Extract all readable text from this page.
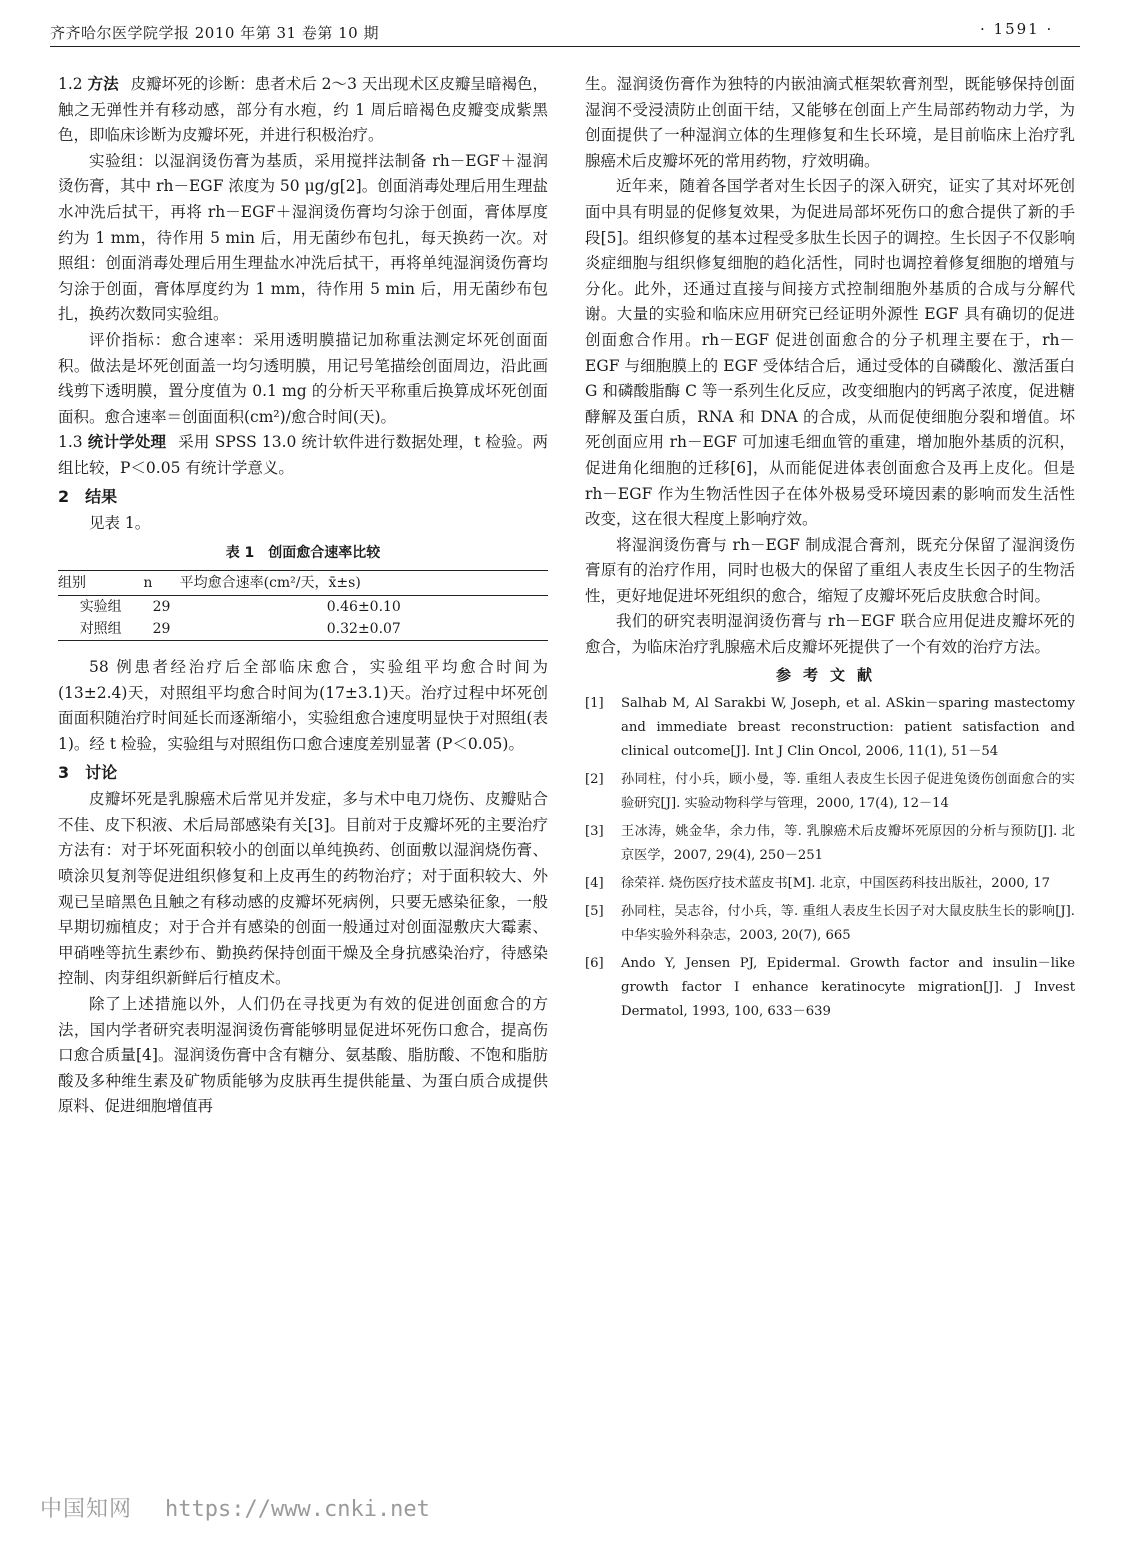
齐齐哈尔医学院学报 2010 年第 31 卷第 10 期	· 1591 ·

1.2 方法 皮瓣坏死的诊断：患者术后 2～3 天出现术区皮瓣呈暗褐色，触之无弹性并有移动感，部分有水疱，约 1 周后暗褐色皮瓣变成紫黑色，即临床诊断为皮瓣坏死，并进行积极治疗。

实验组：以湿润烫伤膏为基质，采用搅拌法制备 rh－EGF＋湿润烫伤膏，其中 rh－EGF 浓度为 50 μg/g[2]。创面消毒处理后用生理盐水冲洗后拭干，再将 rh－EGF＋湿润烫伤膏均匀涂于创面，膏体厚度约为 1 mm，待作用 5 min 后，用无菌纱布包扎，每天换药一次。对照组：创面消毒处理后用生理盐水冲洗后拭干，再将单纯湿润烫伤膏均匀涂于创面，膏体厚度约为 1 mm，待作用 5 min 后，用无菌纱布包扎，换药次数同实验组。

评价指标：愈合速率：采用透明膜描记加称重法测定坏死创面面积。做法是坏死创面盖一均匀透明膜，用记号笔描绘创面周边，沿此画线剪下透明膜，置分度值为 0.1 mg 的分析天平称重后换算成坏死创面面积。愈合速率＝创面面积(cm²)/愈合时间(天)。

1.3 统计学处理 采用 SPSS 13.0 统计软件进行数据处理，t 检验。两组比较，P＜0.05 有统计学意义。

2　结果

见表 1。

表 1　创面愈合速率比较

组别	n	平均愈合速率(cm²/天，x̄±s)
实验组	29	0.46±0.10
对照组	29	0.32±0.07

58 例患者经治疗后全部临床愈合，实验组平均愈合时间为(13±2.4)天，对照组平均愈合时间为(17±3.1)天。治疗过程中坏死创面面积随治疗时间延长而逐渐缩小，实验组愈合速度明显快于对照组(表 1)。经 t 检验，实验组与对照组伤口愈合速度差别显著 (P＜0.05)。

3　讨论

皮瓣坏死是乳腺癌术后常见并发症，多与术中电刀烧伤、皮瓣贴合不佳、皮下积液、术后局部感染有关[3]。目前对于皮瓣坏死的主要治疗方法有：对于坏死面积较小的创面以单纯换药、创面敷以湿润烧伤膏、喷涂贝复剂等促进组织修复和上皮再生的药物治疗；对于面积较大、外观已呈暗黑色且触之有移动感的皮瓣坏死病例，只要无感染征象，一般早期切痂植皮；对于合并有感染的创面一般通过对创面湿敷庆大霉素、甲硝唑等抗生素纱布、勤换药保持创面干燥及全身抗感染治疗，待感染控制、肉芽组织新鲜后行植皮术。

除了上述措施以外，人们仍在寻找更为有效的促进创面愈合的方法，国内学者研究表明湿润烫伤膏能够明显促进坏死伤口愈合，提高伤口愈合质量[4]。湿润烫伤膏中含有糖分、氨基酸、脂肪酸、不饱和脂肪酸及多种维生素及矿物质能够为皮肤再生提供能量、为蛋白质合成提供原料、促进细胞增值再

生。湿润烫伤膏作为独特的内嵌油滴式框架软膏剂型，既能够保持创面湿润不受浸渍防止创面干结，又能够在创面上产生局部药物动力学，为创面提供了一种湿润立体的生理修复和生长环境，是目前临床上治疗乳腺癌术后皮瓣坏死的常用药物，疗效明确。

近年来，随着各国学者对生长因子的深入研究，证实了其对坏死创面中具有明显的促修复效果，为促进局部坏死伤口的愈合提供了新的手段[5]。组织修复的基本过程受多肽生长因子的调控。生长因子不仅影响炎症细胞与组织修复细胞的趋化活性，同时也调控着修复细胞的增殖与分化。此外，还通过直接与间接方式控制细胞外基质的合成与分解代谢。大量的实验和临床应用研究已经证明外源性 EGF 具有确切的促进创面愈合作用。rh－EGF 促进创面愈合的分子机理主要在于，rh－EGF 与细胞膜上的 EGF 受体结合后，通过受体的自磷酸化、激活蛋白 G 和磷酸脂酶 C 等一系列生化反应，改变细胞内的钙离子浓度，促进糖酵解及蛋白质，RNA 和 DNA 的合成，从而促使细胞分裂和增值。坏死创面应用 rh－EGF 可加速毛细血管的重建，增加胞外基质的沉积，促进角化细胞的迁移[6]，从而能促进体表创面愈合及再上皮化。但是 rh－EGF 作为生物活性因子在体外极易受环境因素的影响而发生活性改变，这在很大程度上影响疗效。

将湿润烫伤膏与 rh－EGF 制成混合膏剂，既充分保留了湿润烫伤膏原有的治疗作用，同时也极大的保留了重组人表皮生长因子的生物活性，更好地促进坏死组织的愈合，缩短了皮瓣坏死后皮肤愈合时间。

我们的研究表明湿润烫伤膏与 rh－EGF 联合应用促进皮瓣坏死的愈合，为临床治疗乳腺癌术后皮瓣坏死提供了一个有效的治疗方法。

参考文献

[1]	Salhab M, Al Sarakbi W, Joseph, et al. ASkin－sparing mastectomy and immediate breast reconstruction: patient satisfaction and clinical outcome[J]. Int J Clin Oncol, 2006, 11(1), 51－54
[2]	孙同柱，付小兵，顾小曼，等. 重组人表皮生长因子促进兔烫伤创面愈合的实验研究[J]. 实验动物科学与管理，2000, 17(4), 12－14
[3]	王冰涛，姚金华，余力伟，等. 乳腺癌术后皮瓣坏死原因的分析与预防[J]. 北京医学，2007, 29(4), 250－251
[4]	徐荣祥. 烧伤医疗技术蓝皮书[M]. 北京，中国医药科技出版社，2000, 17
[5]	孙同柱，吴志谷，付小兵，等. 重组人表皮生长因子对大鼠皮肤生长的影响[J]. 中华实验外科杂志，2003, 20(7), 665
[6]	Ando Y, Jensen PJ, Epidermal. Growth factor and insulin－like growth factor I enhance keratinocyte migration[J]. J Invest Dermatol, 1993, 100, 633－639
中国知网 https://www.cnki.net
